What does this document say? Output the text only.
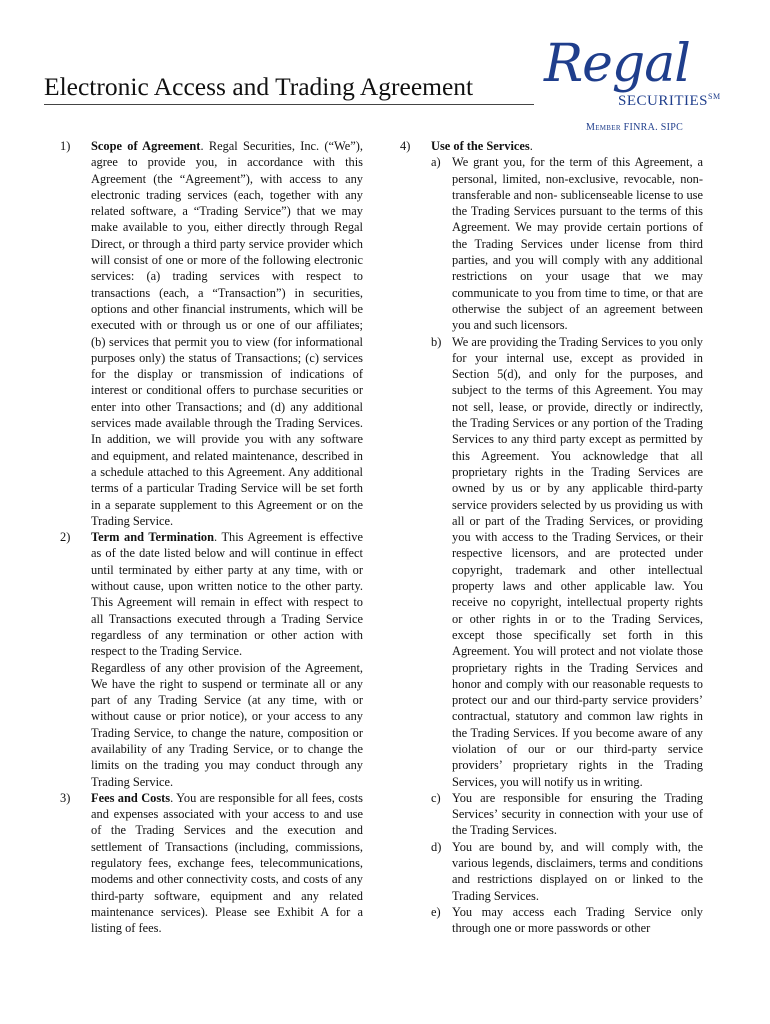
Electronic Access and Trading Agreement	Regal
SECURITIES℠
Member FINRA. SIPC
1) Scope of Agreement. Regal Securities, Inc. (“We”), agree to provide you, in accordance with this Agreement (the “Agreement”), with access to any electronic trading services (each, together with any related software, a “Trading Service”) that we may make available to you, either directly through Regal Direct, or through a third party service provider which will consist of one or more of the following electronic services: (a) trading services with respect to transactions (each, a “Transaction”) in securities, options and other financial instruments, which will be executed with or through us or one of our affiliates; (b) services that permit you to view (for informational purposes only) the status of Transactions; (c) services for the display or transmission of indications of interest or conditional offers to purchase securities or enter into other Transactions; and (d) any additional services made available through the Trading Services. In addition, we will provide you with any software and equipment, and related maintenance, described in a schedule attached to this Agreement. Any additional terms of a particular Trading Service will be set forth in a separate supplement to this Agreement or on the Trading Service.

2) Term and Termination. This Agreement is effective as of the date listed below and will continue in effect until terminated by either party at any time, with or without cause, upon written notice to the other party. This Agreement will remain in effect with respect to all Transactions executed through a Trading Service regardless of any termination or other action with respect to the Trading Service.

Regardless of any other provision of the Agreement, We have the right to suspend or terminate all or any part of any Trading Service (at any time, with or without cause or prior notice), or your access to any Trading Service, to change the nature, composition or availability of any Trading Service, or to change the limits on the trading you may conduct through any Trading Service.

3) Fees and Costs. You are responsible for all fees, costs and expenses associated with your access to and use of the Trading Services and the execution and settlement of Transactions (including, commissions, regulatory fees, exchange fees, telecommunications, modems and other connectivity costs, and costs of any third-party software, equipment and any related maintenance services). Please see Exhibit A for a listing of fees.

4) Use of the Services.

a) We grant you, for the term of this Agreement, a personal, limited, non-exclusive, revocable, non-transferable and non- sublicenseable license to use the Trading Services pursuant to the terms of this Agreement. We may provide certain portions of the Trading Services under license from third parties, and you will comply with any additional restrictions on your usage that we may communicate to you from time to time, or that are otherwise the subject of an agreement between you and such licensors.

b) We are providing the Trading Services to you only for your internal use, except as provided in Section 5(d), and only for the purposes, and subject to the terms of this Agreement. You may not sell, lease, or provide, directly or indirectly, the Trading Services or any portion of the Trading Services to any third party except as permitted by this Agreement. You acknowledge that all proprietary rights in the Trading Services are owned by us or by any applicable third-party service providers selected by us providing us with all or part of the Trading Services, or providing you with access to the Trading Services, or their respective licensors, and are protected under copyright, trademark and other intellectual property laws and other applicable law. You receive no copyright, intellectual property rights or other rights in or to the Trading Services, except those specifically set forth in this Agreement. You will protect and not violate those proprietary rights in the Trading Services and honor and comply with our reasonable requests to protect our and our third-party service providers’ contractual, statutory and common law rights in the Trading Services. If you become aware of any violation of our or our third-party service providers’ proprietary rights in the Trading Services, you will notify us in writing.

c) You are responsible for ensuring the Trading Services’ security in connection with your use of the Trading Services.

d) You are bound by, and will comply with, the various legends, disclaimers, terms and conditions and restrictions displayed on or linked to the Trading Services.

e) You may access each Trading Service only through one or more passwords or other
